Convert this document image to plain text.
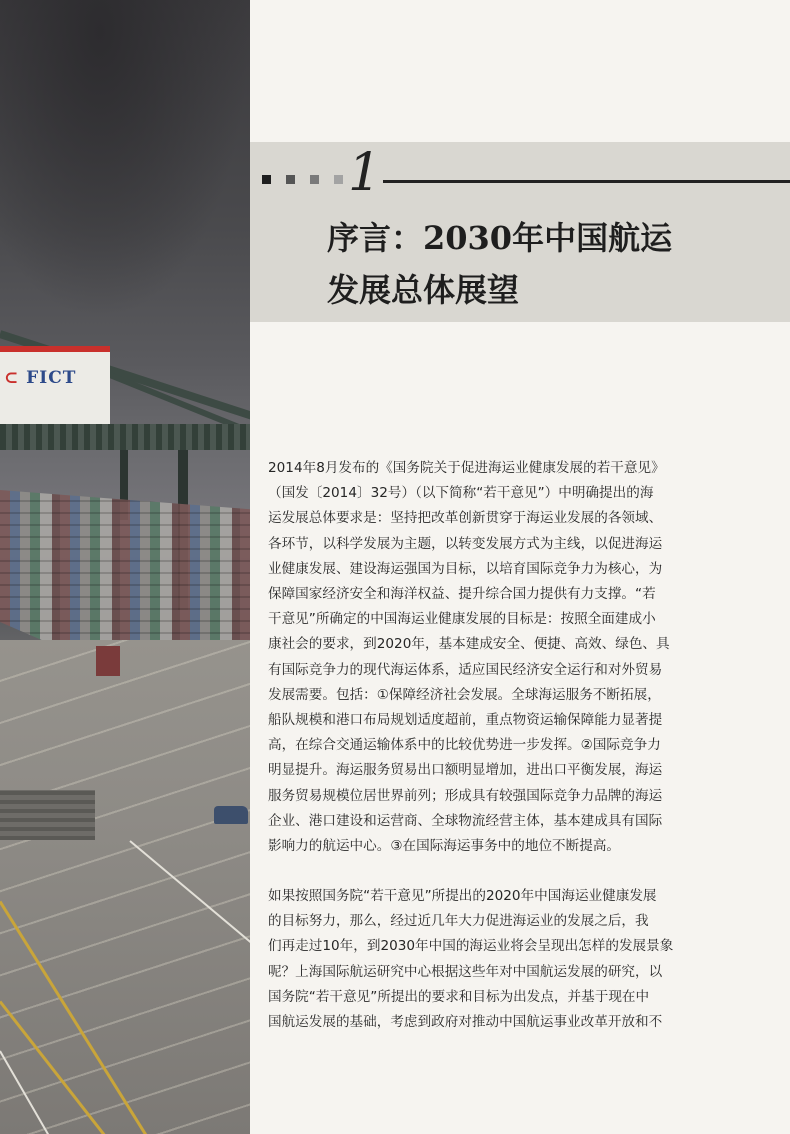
⊂ FICT
1
序言：2030年中国航运
发展总体展望
2014年8月发布的《国务院关于促进海运业健康发展的若干意见》
（国发〔2014〕32号）（以下简称“若干意见”）中明确提出的海
运发展总体要求是：坚持把改革创新贯穿于海运业发展的各领域、
各环节，以科学发展为主题，以转变发展方式为主线，以促进海运
业健康发展、建设海运强国为目标，以培育国际竞争力为核心，为
保障国家经济安全和海洋权益、提升综合国力提供有力支撑。“若
干意见”所确定的中国海运业健康发展的目标是：按照全面建成小
康社会的要求，到2020年，基本建成安全、便捷、高效、绿色、具
有国际竞争力的现代海运体系，适应国民经济安全运行和对外贸易
发展需要。包括：①保障经济社会发展。全球海运服务不断拓展，
船队规模和港口布局规划适度超前，重点物资运输保障能力显著提
高，在综合交通运输体系中的比较优势进一步发挥。②国际竞争力
明显提升。海运服务贸易出口额明显增加，进出口平衡发展，海运
服务贸易规模位居世界前列；形成具有较强国际竞争力品牌的海运
企业、港口建设和运营商、全球物流经营主体，基本建成具有国际
影响力的航运中心。③在国际海运事务中的地位不断提高。
如果按照国务院“若干意见”所提出的2020年中国海运业健康发展
的目标努力，那么，经过近几年大力促进海运业的发展之后，我
们再走过10年，到2030年中国的海运业将会呈现出怎样的发展景象
呢？上海国际航运研究中心根据这些年对中国航运发展的研究，以
国务院“若干意见”所提出的要求和目标为出发点，并基于现在中
国航运发展的基础，考虑到政府对推动中国航运事业改革开放和不
